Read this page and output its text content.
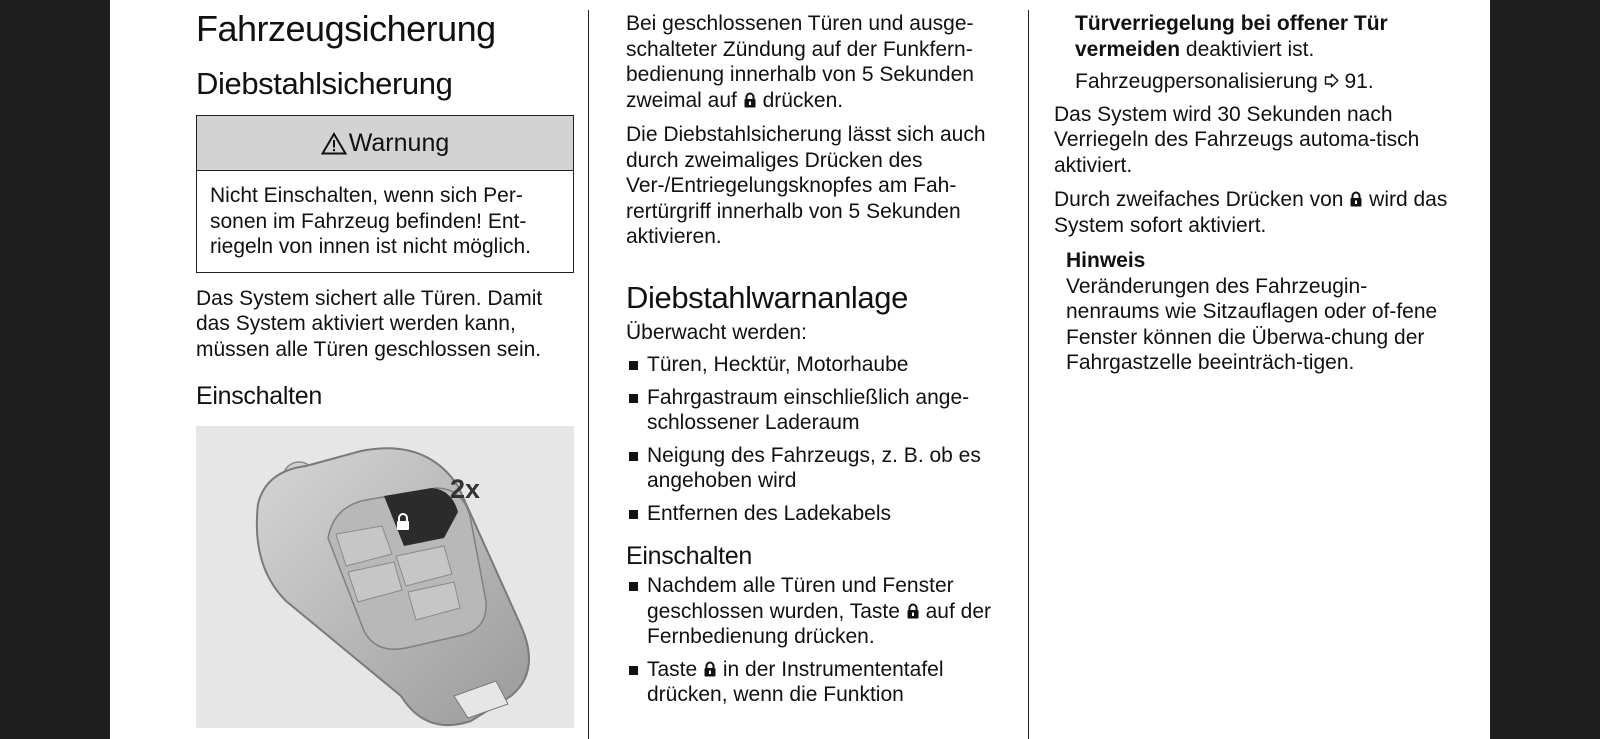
Fahrzeugsicherung
Diebstahlsicherung
Warnung
Nicht Einschalten, wenn sich Per-sonen im Fahrzeug befinden! Ent-riegeln von innen ist nicht möglich.

Das System sichert alle Türen. Damit das System aktiviert werden kann, müssen alle Türen geschlossen sein.

Einschalten
2x

Bei geschlossenen Türen und ausge-schalteter Zündung auf der Funkfern-bedienung innerhalb von 5 Sekunden zweimal auf  drücken.

Die Diebstahlsicherung lässt sich auch durch zweimaliges Drücken des Ver-/Entriegelungsknopfes am Fah-rertürgriff innerhalb von 5 Sekunden aktivieren.

Diebstahlwarnanlage

Überwacht werden:

Türen, Hecktür, Motorhaube
Fahrgastraum einschließlich ange-schlossener Laderaum
Neigung des Fahrzeugs, z. B. ob es angehoben wird
Entfernen des Ladekabels
Einschalten
Nachdem alle Türen und Fenster geschlossen wurden, Taste  auf der Fernbedienung drücken.
Taste  in der Instrumententafel drücken, wenn die Funktion

Türverriegelung bei offener Tür vermeiden deaktiviert ist.

Fahrzeugpersonalisierung  91.

Das System wird 30 Sekunden nach Verriegeln des Fahrzeugs automa-tisch aktiviert.

Durch zweifaches Drücken von  wird das System sofort aktiviert.

Hinweis

Veränderungen des Fahrzeugin-nenraums wie Sitzauflagen oder of-fene Fenster können die Überwa-chung der Fahrgastzelle beeinträch-tigen.
